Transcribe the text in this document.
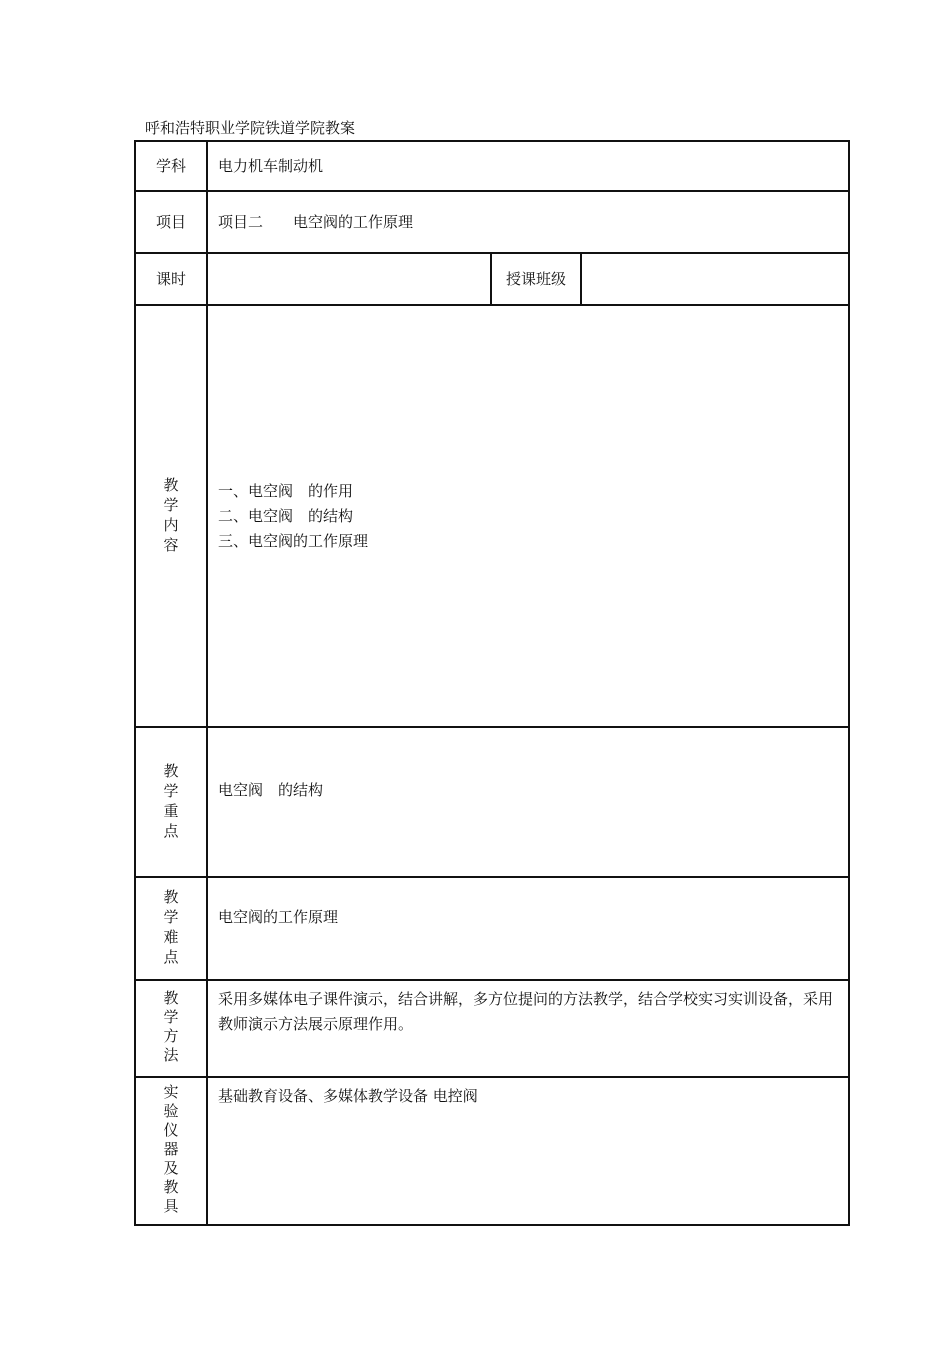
呼和浩特职业学院铁道学院教案
学科	电力机车制动机		
项目	项目二　　电空阀的工作原理		
课时		授课班级	
教学内容	一、电空阀　的作用
二、电空阀　的结构
三、电空阀的工作原理		

教学重点	电空阀　的结构		
教学难点	电空阀的工作原理		
教学方法	采用多媒体电子课件演示，结合讲解，多方位提问的方法教学，结合学校实习实训设备，采用教师演示方法展示原理作用。		
实验仪器及教具	基础教育设备、多媒体教学设备 电控阀		
